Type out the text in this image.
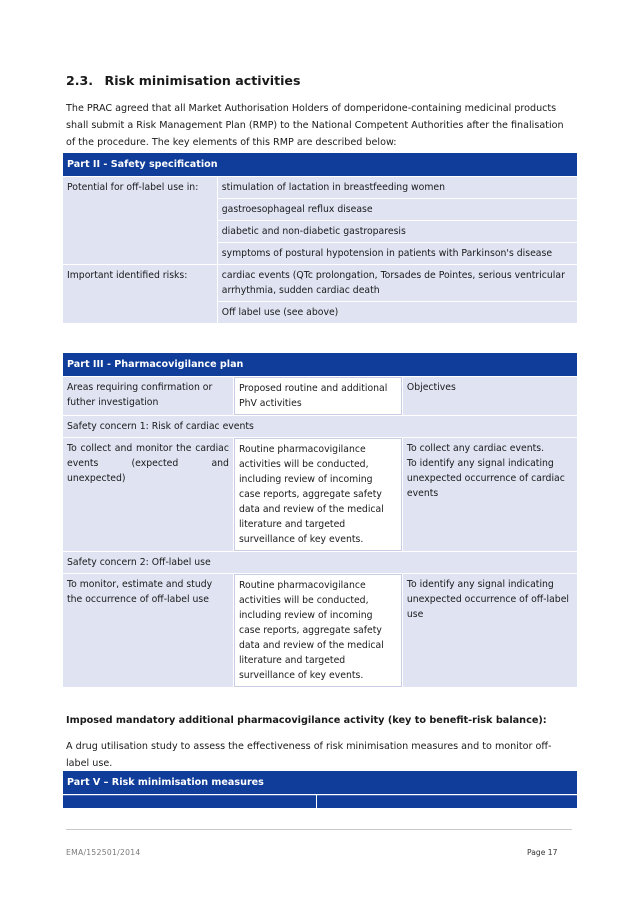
2.3. Risk minimisation activities
The PRAC agreed that all Market Authorisation Holders of domperidone-containing medicinal products
shall submit a Risk Management Plan (RMP) to the National Competent Authorities after the finalisation
of the procedure. The key elements of this RMP are described below:
Part II - Safety specification	
Potential for off-label use in:	stimulation of lactation in breastfeeding women
	gastroesophageal reflux disease
	diabetic and non-diabetic gastroparesis
	symptoms of postural hypotension in patients with Parkinson's disease
Important identified risks:	cardiac events (QTc prolongation, Torsades de Pointes, serious ventricular arrhythmia, sudden cardiac death
	Off label use (see above)
Part III - Pharmacovigilance plan		
Areas requiring confirmation or futher investigation	Proposed routine and additional PhV activities	Objectives
Safety concern 1: Risk of cardiac events		
To collect and monitor the cardiac events (expected and unexpected)	Routine pharmacovigilance activities will be conducted, including review of incoming case reports, aggregate safety data and review of the medical literature and targeted surveillance of key events.	To collect any cardiac events.
To identify any signal indicating unexpected occurrence of cardiac events

Safety concern 2: Off-label use		
To monitor, estimate and study the occurrence of off-label use	Routine pharmacovigilance activities will be conducted, including review of incoming case reports, aggregate safety data and review of the medical literature and targeted surveillance of key events.	To identify any signal indicating unexpected occurrence of off-label use
Imposed mandatory additional pharmacovigilance activity (key to benefit-risk balance):
A drug utilisation study to assess the effectiveness of risk minimisation measures and to monitor off-
label use.
Part V – Risk minimisation measures

EMA/152501/2014	Page 17
